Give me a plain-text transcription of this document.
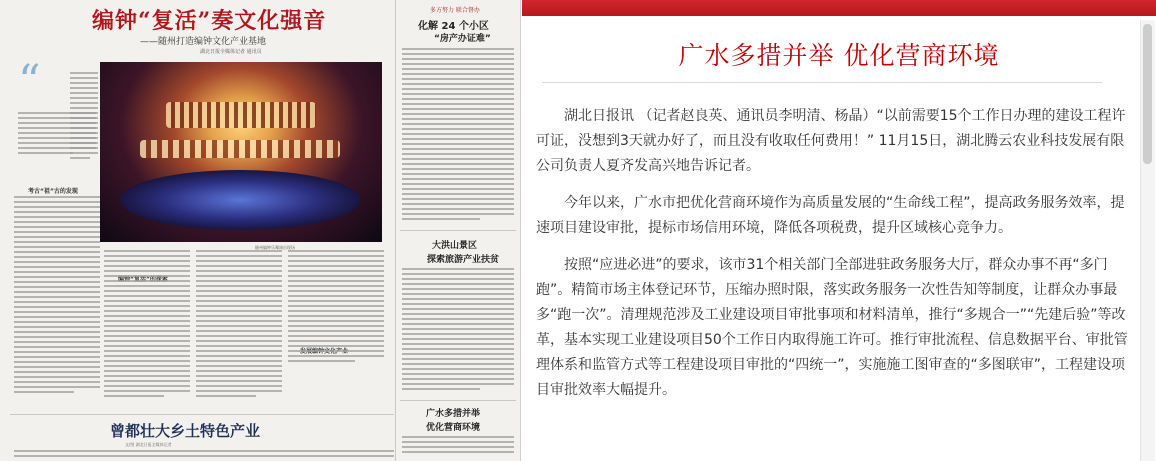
编钟“复活”奏文化强音
——随州打造编钟文化产业基地
湖北日报全媒体记者 通讯员
“
随州编钟乐舞演出现场
考古“祖”古的发现
多方努力 联合督办
化解 24 个小区
“房产办证难”
大洪山景区
探索旅游产业扶贫
广水多措并举
优化营商环境
曾都壮大乡土特色产业
文/图 湖北日报全媒体记者
广水多措并举 优化营商环境

湖北日报讯 （记者赵良英、通讯员李明清、杨晶）“以前需要15个工作日办理的建设工程许可证，没想到3天就办好了，而且没有收取任何费用！” 11月15日，湖北腾云农业科技发展有限公司负责人夏齐发高兴地告诉记者。

今年以来，广水市把优化营商环境作为高质量发展的“生命线工程”，提高政务服务效率，提速项目建设审批，提标市场信用环境，降低各项税费，提升区域核心竞争力。

按照“应进必进”的要求，该市31个相关部门全部进驻政务服务大厅，群众办事不再“多门跑”。精简市场主体登记环节，压缩办照时限，落实政务服务一次性告知等制度，让群众办事最多“跑一次”。清理规范涉及工业建设项目审批事项和材料清单，推行“多规合一”“先建后验”等改革，基本实现工业建设项目50个工作日内取得施工许可。推行审批流程、信息数据平台、审批管理体系和监管方式等工程建设项目审批的“四统一”，实施施工图审查的“多图联审”，工程建设项目审批效率大幅提升。
